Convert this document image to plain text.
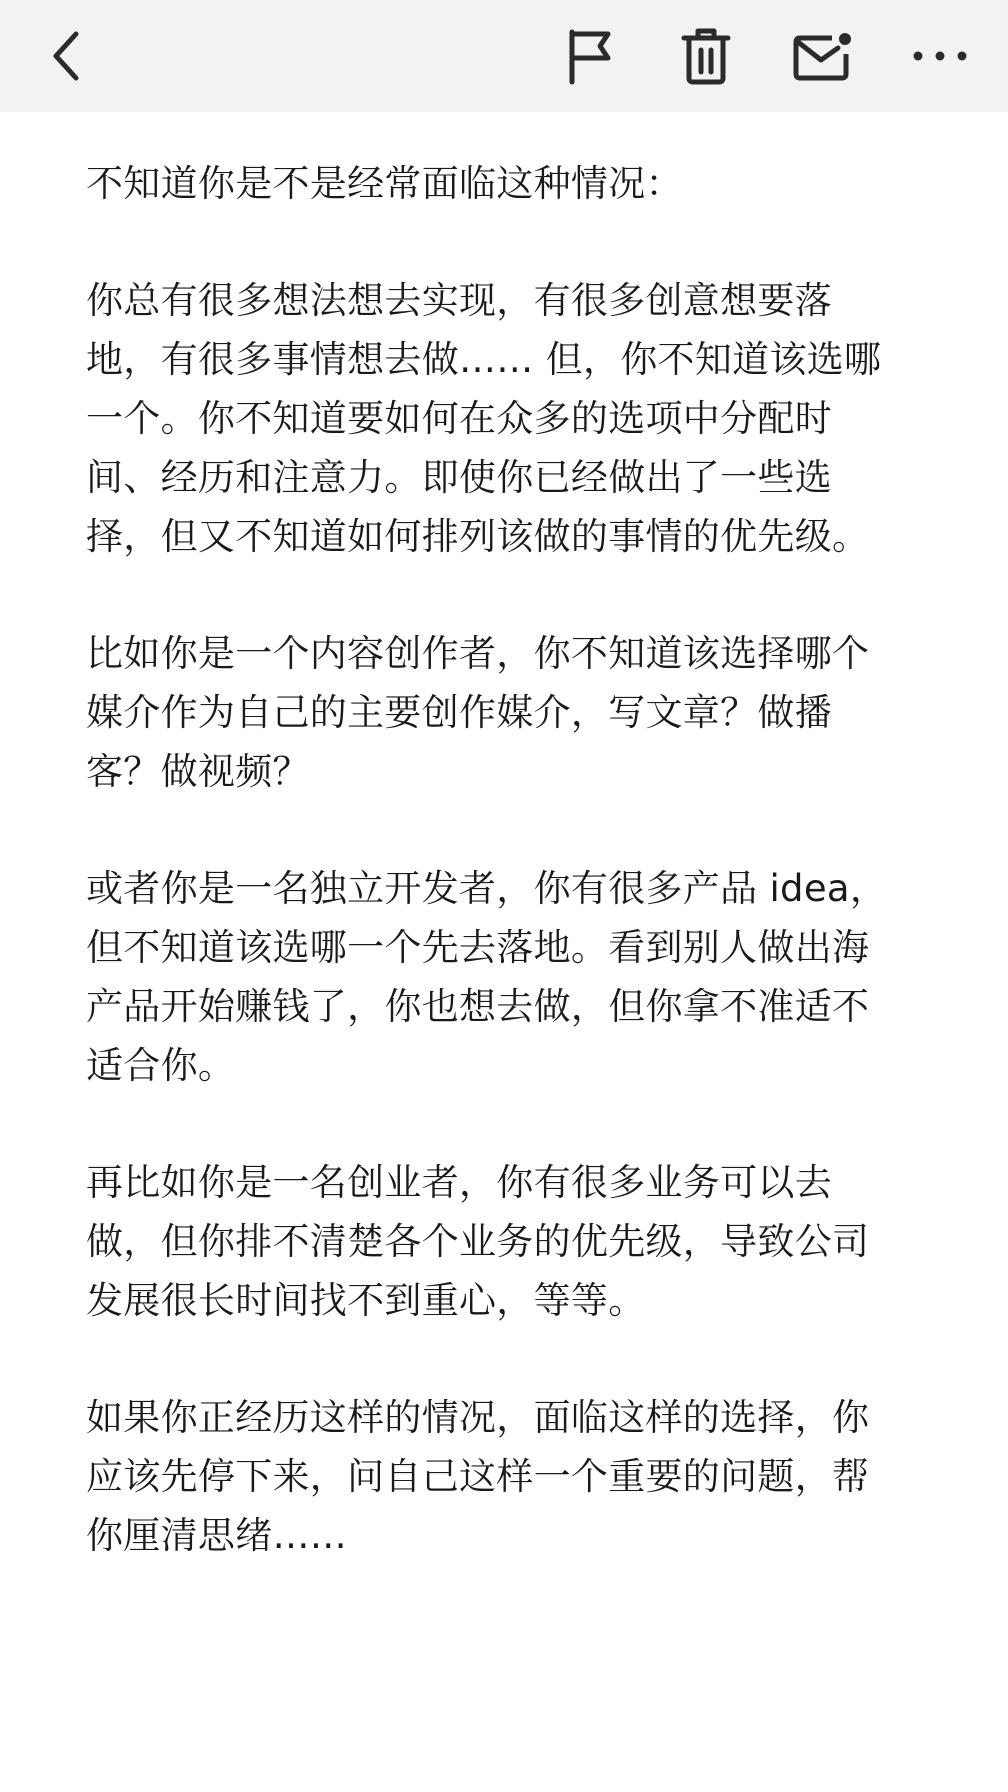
不知道你是不是经常面临这种情况：

你总有很多想法想去实现，有很多创意想要落
地，有很多事情想去做…… 但，你不知道该选哪
一个。你不知道要如何在众多的选项中分配时
间、经历和注意力。即使你已经做出了一些选
择，但又不知道如何排列该做的事情的优先级。

比如你是一个内容创作者，你不知道该选择哪个
媒介作为自己的主要创作媒介，写文章？做播
客？做视频？

或者你是一名独立开发者，你有很多产品 idea，
但不知道该选哪一个先去落地。看到别人做出海
产品开始赚钱了，你也想去做，但你拿不准适不
适合你。

再比如你是一名创业者，你有很多业务可以去
做，但你排不清楚各个业务的优先级，导致公司
发展很长时间找不到重心，等等。

如果你正经历这样的情况，面临这样的选择，你
应该先停下来，问自己这样一个重要的问题，帮
你厘清思绪……
